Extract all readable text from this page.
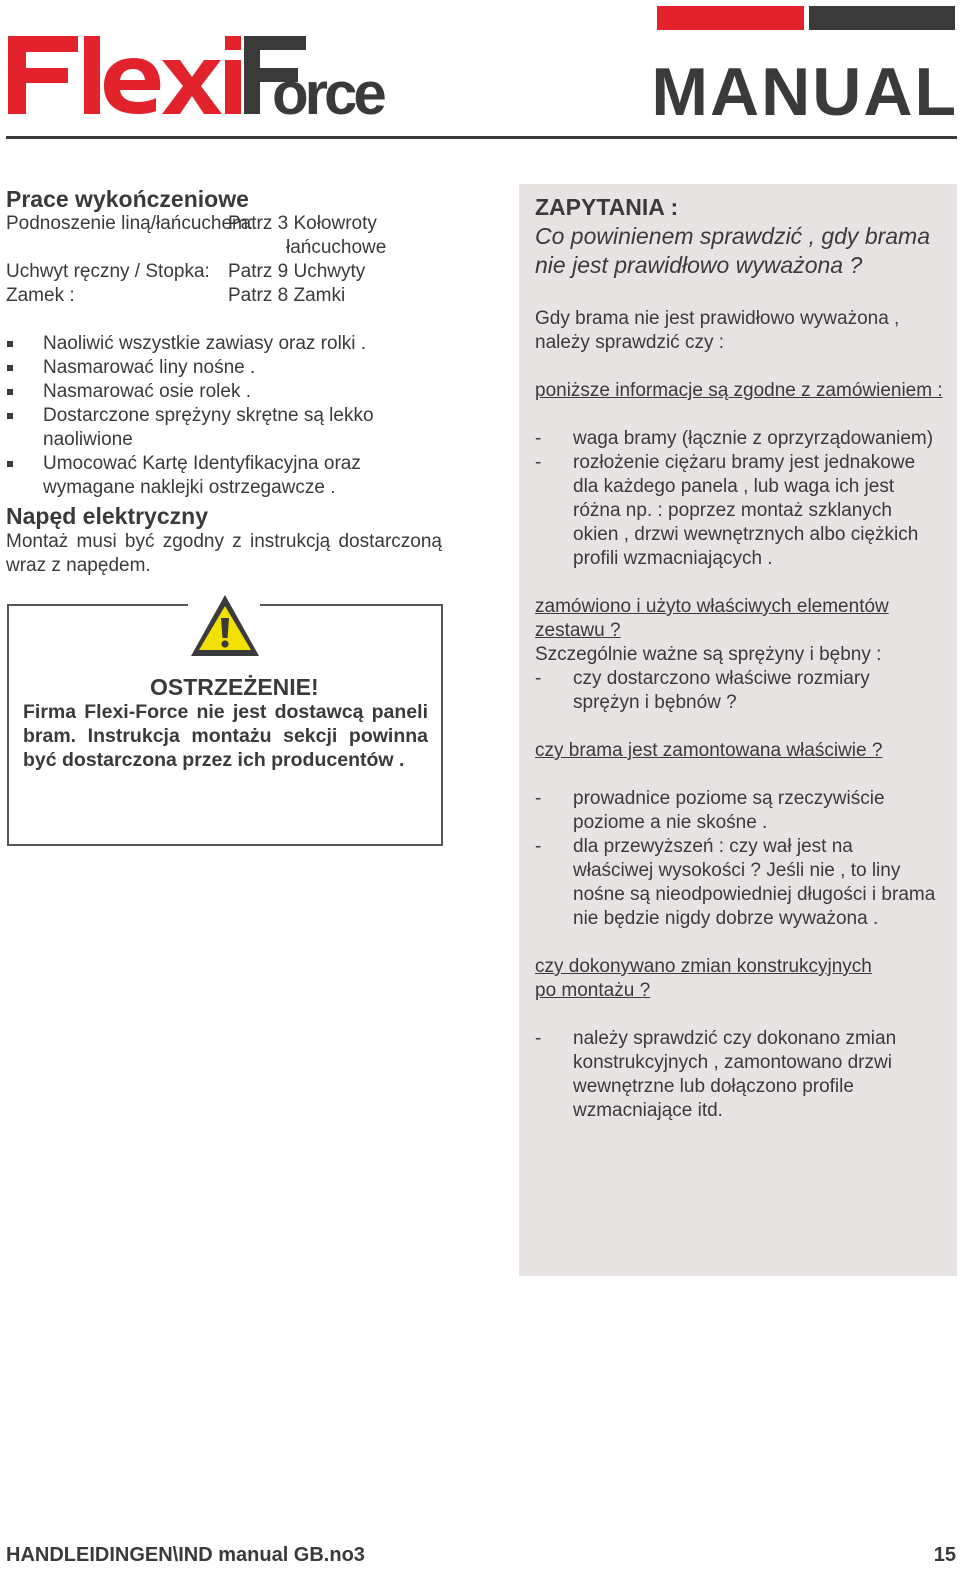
MANUAL
orce
Prace wykończeniowe
Podnoszenie liną/łańcuchem:
Patrz 3 Kołowroty
łańcuchowe
Uchwyt ręczny / Stopka: Patrz 9 Uchwyty
Zamek :	Patrz 8 Zamki
Naoliwić wszystkie zawiasy oraz rolki .
Nasmarować liny nośne .
Nasmarować osie rolek .
Dostarczone sprężyny skrętne są lekko naoliwione
Umocować Kartę Identyfikacyjna oraz wymagane naklejki ostrzegawcze .
Napęd elektryczny
Montaż musi być zgodny z instrukcją dostarczoną wraz z napędem.
OSTRZEŻENIE!
Firma Flexi-Force nie jest dostawcą paneli bram. Instrukcja montażu sekcji powinna być dostarczona przez ich producentów .
ZAPYTANIA :
Co powinienem sprawdzić , gdy brama nie jest prawidłowo wyważona ?
Gdy brama nie jest prawidłowo wyważona , należy sprawdzić czy :
poniższe informacje są zgodne z zamówieniem :
- waga bramy (łącznie z oprzyrządowaniem)
- rozłożenie ciężaru bramy jest jednakowe dla każdego panela , lub waga ich jest różna np. : poprzez montaż szklanych okien , drzwi wewnętrznych albo ciężkich profili wzmacniających .
zamówiono i użyto właściwych elementów zestawu ?
Szczególnie ważne są sprężyny i bębny :
- czy dostarczono właściwe rozmiary sprężyn i bębnów ?
czy brama jest zamontowana właściwie ?
- prowadnice poziome są rzeczywiście poziome a nie skośne .
- dla przewyższeń : czy wał jest na właściwej wysokości ? Jeśli nie , to liny nośne są nieodpowiedniej długości i brama nie będzie nigdy dobrze wyważona .
czy dokonywano zmian konstrukcyjnych po montażu ?
- należy sprawdzić czy dokonano zmian konstrukcyjnych , zamontowano drzwi wewnętrzne lub dołączono profile wzmacniające itd.
HANDLEIDINGEN\IND manual GB.no3	15
